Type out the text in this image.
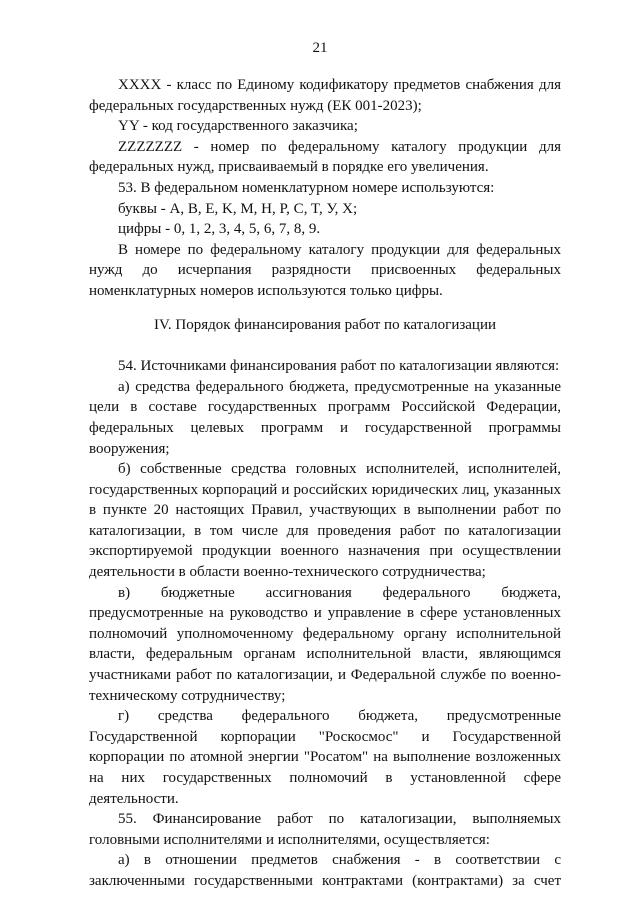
21

XXXX - класс по Единому кодификатору предметов снабжения для федеральных государственных нужд (ЕК 001-2023);

YY - код государственного заказчика;

ZZZZZZZ - номер по федеральному каталогу продукции для федеральных нужд, присваиваемый в порядке его увеличения.

53. В федеральном номенклатурном номере используются:

буквы - A, B, E, K, M, H, P, C, T, У, X;

цифры - 0, 1, 2, 3, 4, 5, 6, 7, 8, 9.

В номере по федеральному каталогу продукции для федеральных нужд до исчерпания разрядности присвоенных федеральных номенклатурных номеров используются только цифры.

IV. Порядок финансирования работ по каталогизации

54. Источниками финансирования работ по каталогизации являются:

а) средства федерального бюджета, предусмотренные на указанные цели в составе государственных программ Российской Федерации, федеральных целевых программ и государственной программы вооружения;

б) собственные средства головных исполнителей, исполнителей, государственных корпораций и российских юридических лиц, указанных в пункте 20 настоящих Правил, участвующих в выполнении работ по каталогизации, в том числе для проведения работ по каталогизации экспортируемой продукции военного назначения при осуществлении деятельности в области военно-технического сотрудничества;

в) бюджетные ассигнования федерального бюджета, предусмотренные на руководство и управление в сфере установленных полномочий уполномоченному федеральному органу исполнительной власти, федеральным органам исполнительной власти, являющимся участниками работ по каталогизации, и Федеральной службе по военно-техническому сотрудничеству;

г) средства федерального бюджета, предусмотренные Государственной корпорации "Роскосмос" и Государственной корпорации по атомной энергии "Росатом" на выполнение возложенных на них государственных полномочий в установленной сфере деятельности.

55. Финансирование работ по каталогизации, выполняемых головными исполнителями и исполнителями, осуществляется:

а) в отношении предметов снабжения - в соответствии с заключенными государственными контрактами (контрактами) за счет
